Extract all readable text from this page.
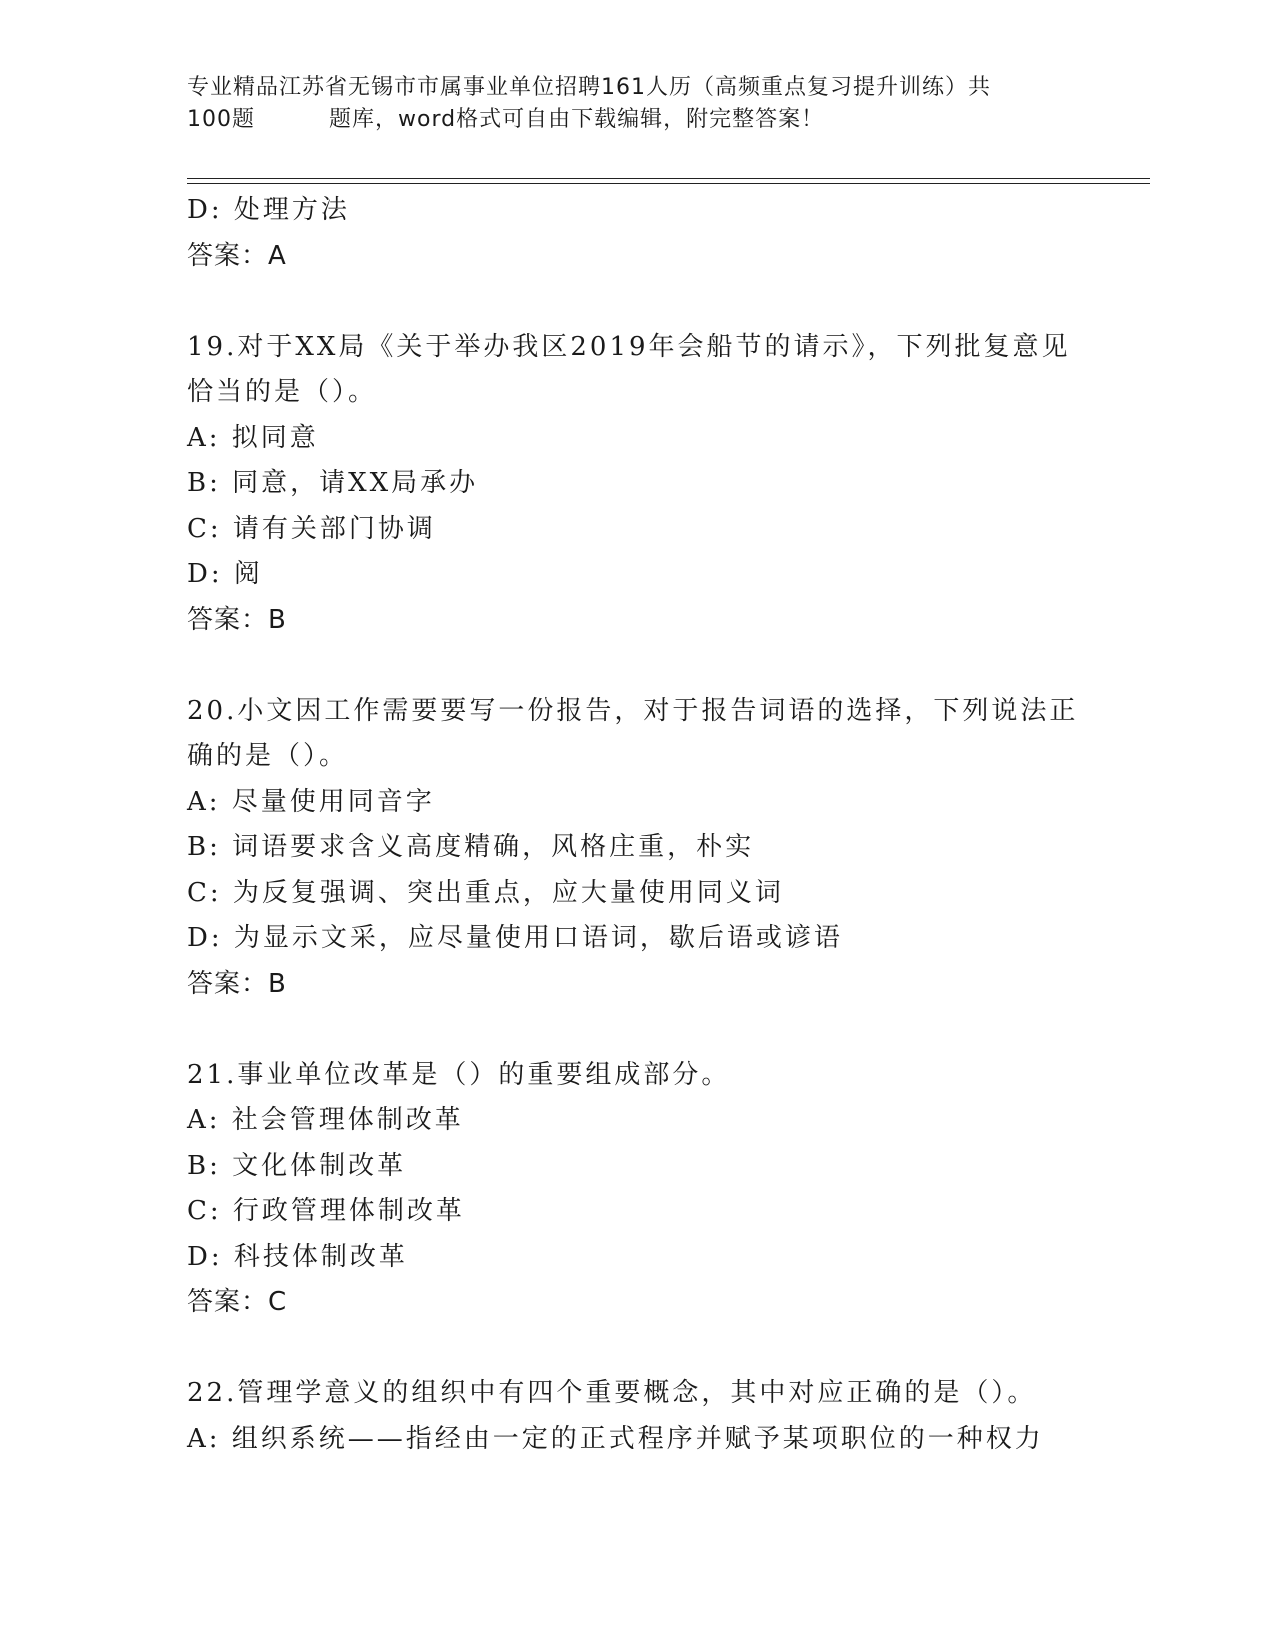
专业精品江苏省无锡市市属事业单位招聘161人历（高频重点复习提升训练）共
100题	题库，word格式可自由下载编辑，附完整答案！
D: 处理方法
答案：A
19.对于XX局《关于举办我区2019年会船节的请示》，下列批复意见
恰当的是（）。
A: 拟同意
B: 同意，请XX局承办
C: 请有关部门协调
D: 阅
答案：B
20.小文因工作需要要写一份报告，对于报告词语的选择，下列说法正
确的是（）。
A: 尽量使用同音字
B: 词语要求含义高度精确，风格庄重，朴实
C: 为反复强调、突出重点，应大量使用同义词
D: 为显示文采，应尽量使用口语词，歇后语或谚语
答案：B
21.事业单位改革是（）的重要组成部分。
A: 社会管理体制改革
B: 文化体制改革
C: 行政管理体制改革
D: 科技体制改革
答案：C
22.管理学意义的组织中有四个重要概念，其中对应正确的是（）。
A: 组织系统——指经由一定的正式程序并赋予某项职位的一种权力
